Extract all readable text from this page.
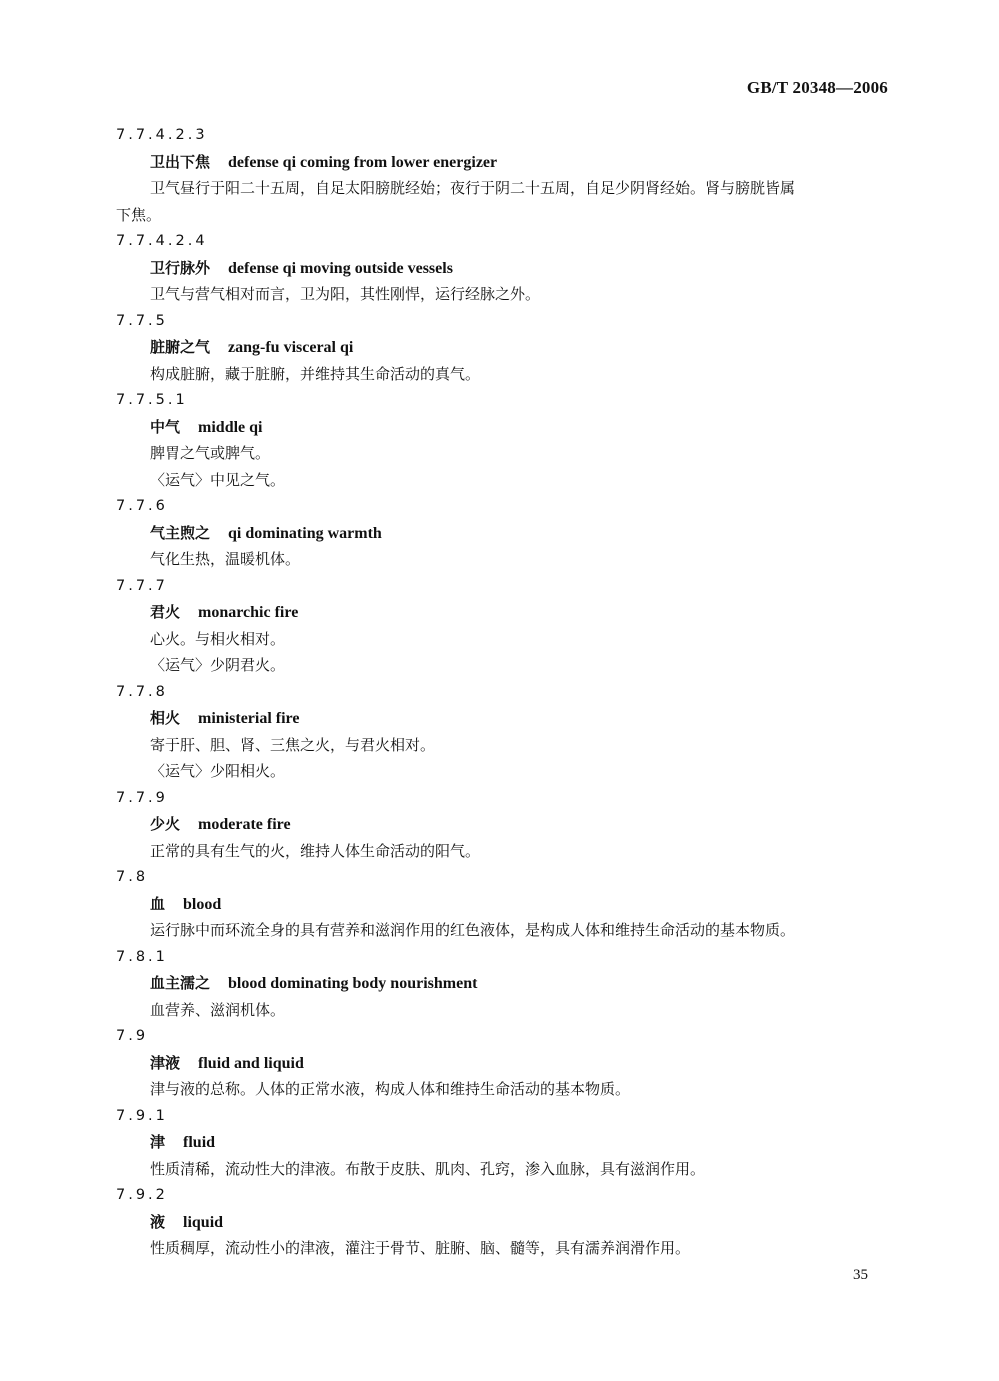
GB/T 20348—2006
7.7.4.2.3
卫出下焦 defense qi coming from lower energizer
卫气昼行于阳二十五周，自足太阳膀胱经始；夜行于阴二十五周，自足少阴肾经始。肾与膀胱皆属
下焦。
7.7.4.2.4
卫行脉外 defense qi moving outside vessels
卫气与营气相对而言，卫为阳，其性刚悍，运行经脉之外。
7.7.5
脏腑之气 zang-fu visceral qi
构成脏腑，藏于脏腑，并维持其生命活动的真气。
7.7.5.1
中气 middle qi
脾胃之气或脾气。
〈运气〉中见之气。
7.7.6
气主煦之 qi dominating warmth
气化生热，温暖机体。
7.7.7
君火 monarchic fire
心火。与相火相对。
〈运气〉少阴君火。
7.7.8
相火 ministerial fire
寄于肝、胆、肾、三焦之火，与君火相对。
〈运气〉少阳相火。
7.7.9
少火 moderate fire
正常的具有生气的火，维持人体生命活动的阳气。
7.8
血 blood
运行脉中而环流全身的具有营养和滋润作用的红色液体，是构成人体和维持生命活动的基本物质。
7.8.1
血主濡之 blood dominating body nourishment
血营养、滋润机体。
7.9
津液 fluid and liquid
津与液的总称。人体的正常水液，构成人体和维持生命活动的基本物质。
7.9.1
津 fluid
性质清稀，流动性大的津液。布散于皮肤、肌肉、孔窍，渗入血脉，具有滋润作用。
7.9.2
液 liquid
性质稠厚，流动性小的津液，灌注于骨节、脏腑、脑、髓等，具有濡养润滑作用。
35
